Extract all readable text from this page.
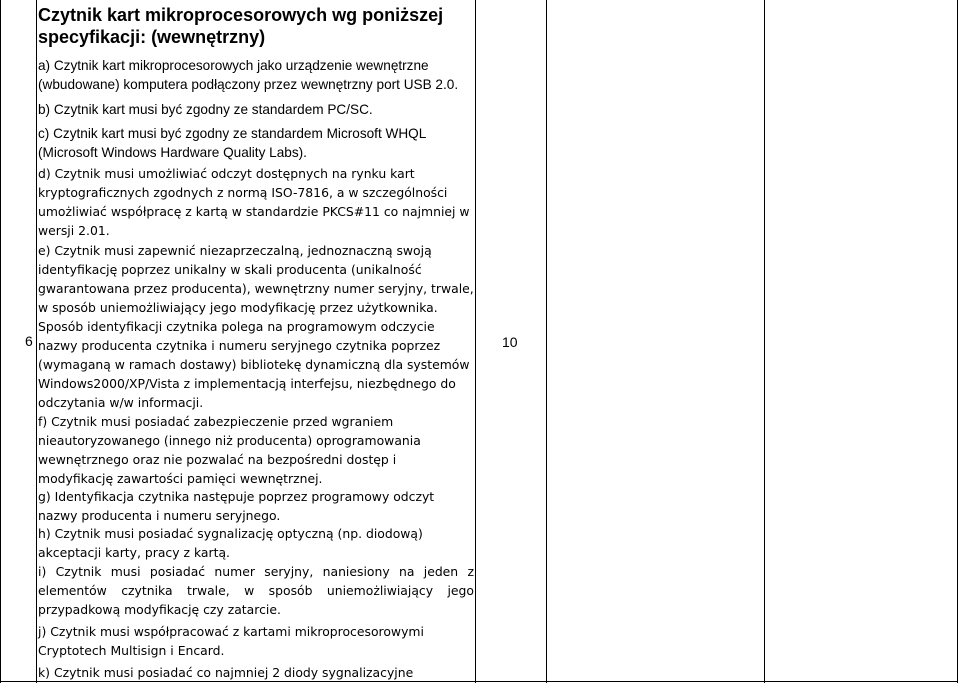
6	10
Czytnik kart mikroprocesorowych wg poniższej specyfikacji: (wewnętrzny)

a) Czytnik kart mikroprocesorowych jako urządzenie wewnętrzne (wbudowane) komputera podłączony przez wewnętrzny port USB 2.0.

b) Czytnik kart musi być zgodny ze standardem PC/SC.

c) Czytnik kart musi być zgodny ze standardem Microsoft WHQL (Microsoft Windows Hardware Quality Labs).

d) Czytnik musi umożliwiać odczyt dostępnych na rynku kart kryptograficznych zgodnych z normą ISO-7816, a w szczególności umożliwiać współpracę z kartą w standardzie PKCS#11 co najmniej w wersji 2.01.

e) Czytnik musi zapewnić niezaprzeczalną, jednoznaczną swoją identyfikację poprzez unikalny w skali producenta (unikalność gwarantowana przez producenta), wewnętrzny numer seryjny, trwale, w sposób uniemożliwiający jego modyfikację przez użytkownika. Sposób identyfikacji czytnika polega na programowym odczycie nazwy producenta czytnika i numeru seryjnego czytnika poprzez (wymaganą w ramach dostawy) bibliotekę dynamiczną dla systemów Windows2000/XP/Vista z implementacją interfejsu, niezbędnego do odczytania w/w informacji.

f) Czytnik musi posiadać zabezpieczenie przed wgraniem nieautoryzowanego (innego niż producenta) oprogramowania wewnętrznego oraz nie pozwalać na bezpośredni dostęp i modyfikację zawartości pamięci wewnętrznej.

g) Identyfikacja czytnika następuje poprzez programowy odczyt nazwy producenta i numeru seryjnego.

h) Czytnik musi posiadać sygnalizację optyczną (np. diodową) akceptacji karty, pracy z kartą.

i) Czytnik musi posiadać numer seryjny, naniesiony na jeden z elementów czytnika trwale, w sposób uniemożliwiający jego przypadkową modyfikację czy zatarcie.

j) Czytnik musi współpracować z kartami mikroprocesorowymi Cryptotech Multisign i Encard.

k) Czytnik musi posiadać co najmniej 2 diody sygnalizacyjne
